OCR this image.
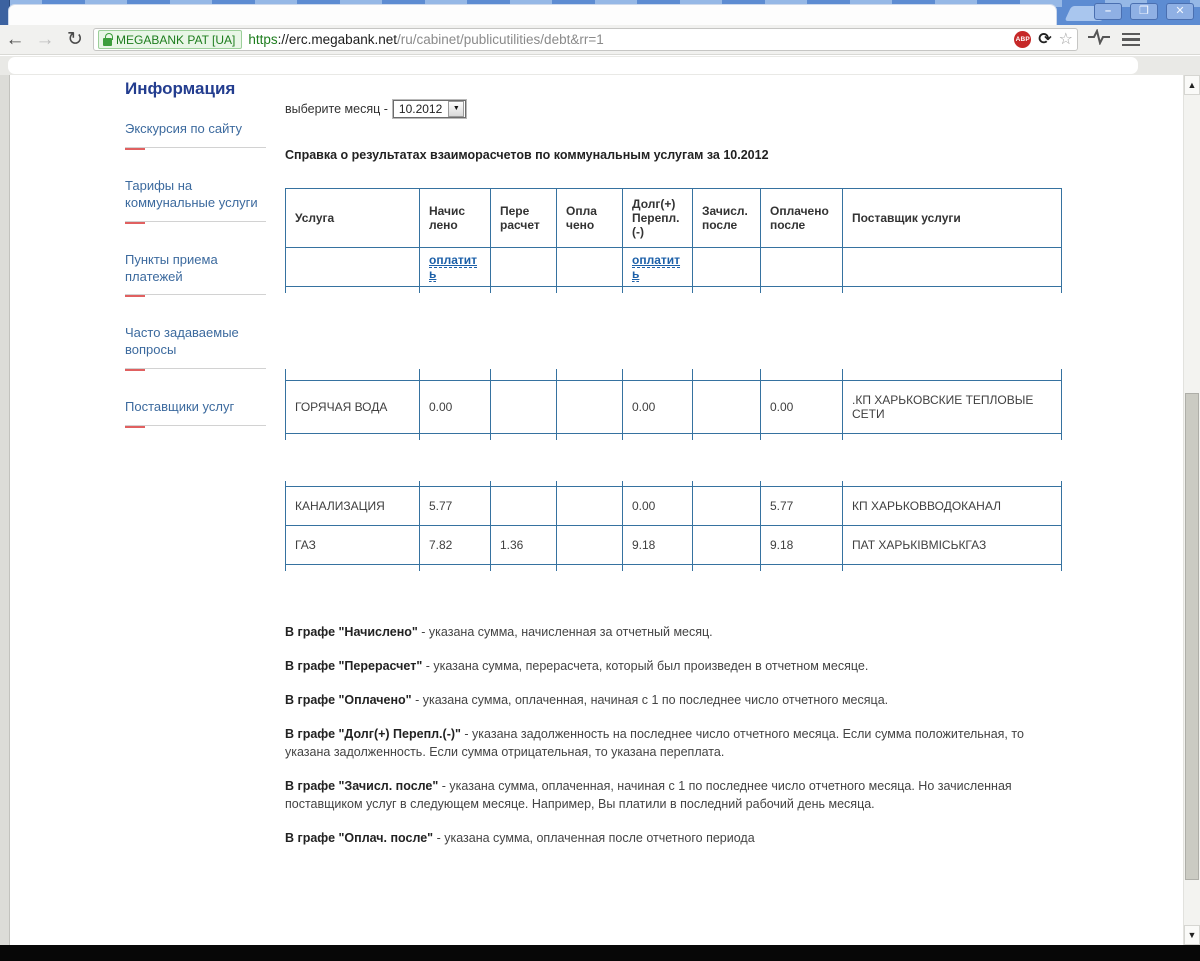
–	❐	✕
← → ↻	MEGABANK PAT [UA] https://erc.megabank.net/ru/cabinet/publicutilities/debt&rr=1	ABP ⟳ ☆
Информация
Экскурсия по сайту
Тарифы на коммунальные услуги
Пункты приема платежей
Часто задаваемые вопросы
Поставщики услуг
выберите месяц - 10.2012	▼
Справка о результатах взаиморасчетов по коммунальным услугам за 10.2012
Услуга	Начис лено	Пере расчет	Опла чено	Долг(+) Перепл. (-)	Зачисл. после	Оплачено после	Поставщик услуги
	оплатить			оплатить			

ГОРЯЧАЯ ВОДА	0.00			0.00		0.00	.КП ХАРЬКОВСКИЕ ТЕПЛОВЫЕ СЕТИ

КАНАЛИЗАЦИЯ	5.77			0.00		5.77	КП ХАРЬКОВВОДОКАНАЛ
ГАЗ	7.82	1.36		9.18		9.18	ПАТ ХАРЬКІВМІСЬКГАЗ

В графе "Начислено" - указана сумма, начисленная за отчетный месяц.

В графе "Перерасчет" - указана сумма, перерасчета, который был произведен в отчетном месяце.

В графе "Оплачено" - указана сумма, оплаченная, начиная с 1 по последнее число отчетного месяца.

В графе "Долг(+) Перепл.(-)" - указана задолженность на последнее число отчетного месяца. Если сумма положительная, то указана задолженность. Если сумма отрицательная, то указана переплата.

В графе "Зачисл. после" - указана сумма, оплаченная, начиная с 1 по последнее число отчетного месяца. Но зачисленная поставщиком услуг в следующем месяце. Например, Вы платили в последний рабочий день месяца.

В графе "Оплач. после" - указана сумма, оплаченная после отчетного периода

▲
▼
